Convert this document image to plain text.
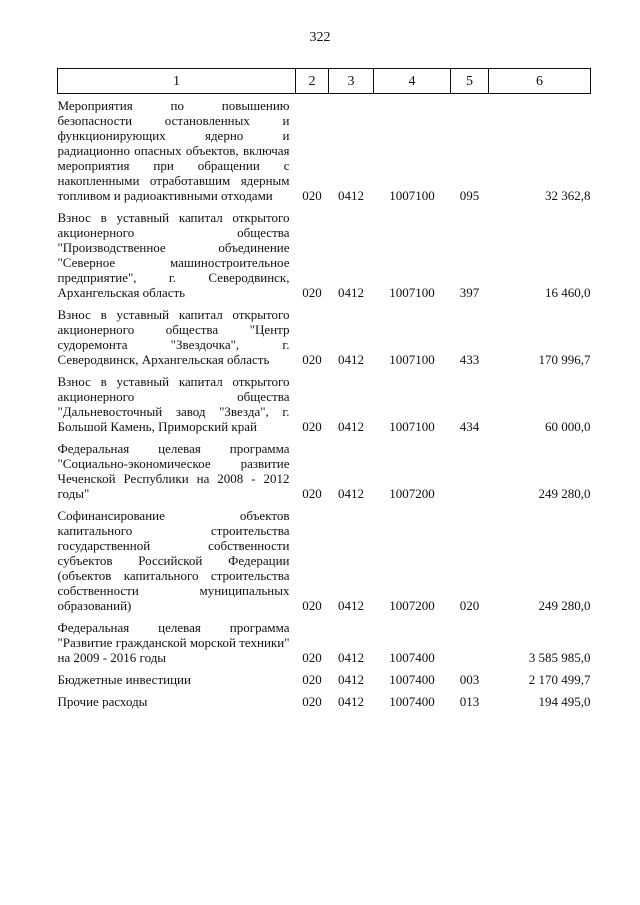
322
1	2	3	4	5	6
Мероприятия по повышению безопасности остановленных и функционирующих ядерно и радиационно опасных объектов, включая мероприятия при обращении с накопленными отработавшим ядерным топливом и радиоактивными отходами	020	0412	1007100	095	32 362,8
Взнос в уставный капитал открытого акционерного общества "Производственное объединение "Северное машиностроительное предприятие", г. Северодвинск, Архангельская область	020	0412	1007100	397	16 460,0
Взнос в уставный капитал открытого акционерного общества "Центр судоремонта "Звездочка", г. Северодвинск, Архангельская область	020	0412	1007100	433	170 996,7
Взнос в уставный капитал открытого акционерного общества "Дальневосточный завод "Звезда", г. Большой Камень, Приморский край	020	0412	1007100	434	60 000,0
Федеральная целевая программа "Социально-экономическое развитие Чеченской Республики на 2008 - 2012 годы"	020	0412	1007200		249 280,0
Софинансирование объектов капитального строительства государственной собственности субъектов Российской Федерации (объектов капитального строительства собственности муниципальных образований)	020	0412	1007200	020	249 280,0
Федеральная целевая программа "Развитие гражданской морской техники" на 2009 - 2016 годы	020	0412	1007400		3 585 985,0
Бюджетные инвестиции	020	0412	1007400	003	2 170 499,7
Прочие расходы	020	0412	1007400	013	194 495,0
